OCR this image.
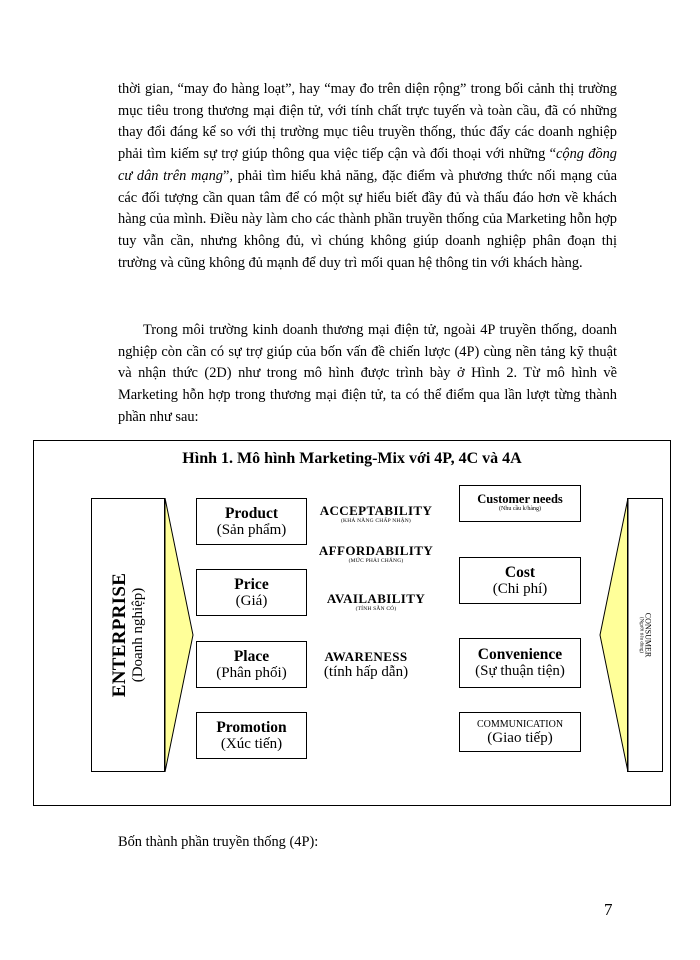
thời gian, “may đo hàng loạt”, hay “may đo trên diện rộng” trong bối cảnh thị trường mục tiêu trong thương mại điện tử, với tính chất trực tuyến và toàn cầu, đã có những thay đổi đáng kể so với thị trường mục tiêu truyền thống, thúc đẩy các doanh nghiệp phải tìm kiếm sự trợ giúp thông qua việc tiếp cận và đối thoại với những “cộng đồng cư dân trên mạng”, phải tìm hiểu khả năng, đặc điểm và phương thức nối mạng của các đối tượng cần quan tâm để có một sự hiểu biết đầy đủ và thấu đáo hơn về khách hàng của mình. Điều này làm cho các thành phần truyền thống của Marketing hỗn hợp tuy vẫn cần, nhưng không đủ, vì chúng không giúp doanh nghiệp phân đoạn thị trường và cũng không đủ mạnh để duy trì mối quan hệ thông tin với khách hàng.

Trong môi trường kinh doanh thương mại điện tử, ngoài 4P truyền thống, doanh nghiệp còn cần có sự trợ giúp của bốn vấn đề chiến lược (4P) cùng nền tảng kỹ thuật và nhận thức (2D) như trong mô hình được trình bày ở Hình 2. Từ mô hình về Marketing hỗn hợp trong thương mại điện tử, ta có thể điểm qua lần lượt từng thành phần như sau:

Hình 1. Mô hình Marketing-Mix với 4P, 4C và 4A
ENTERPRISE (Doanh nghiệp)
Product
(Sản phẩm)
Price
(Giá)
Place
(Phân phối)
Promotion
(Xúc tiến)
ACCEPTABILITY
(KHẢ NĂNG CHẤP NHẬN)
AFFORDABILITY
(MỨC PHẢI CHĂNG)
AVAILABILITY
(TÍNH SẴN CÓ)
AWARENESS
(tính hấp dẫn)
Customer needs
(Nhu cầu k/hàng)
Cost
(Chi phí)
Convenience
(Sự thuận tiện)
COMMUNICATION
(Giao tiếp)
CONSUMER
(Người tiêu dùng)

Bốn thành phần truyền thống (4P):

7
